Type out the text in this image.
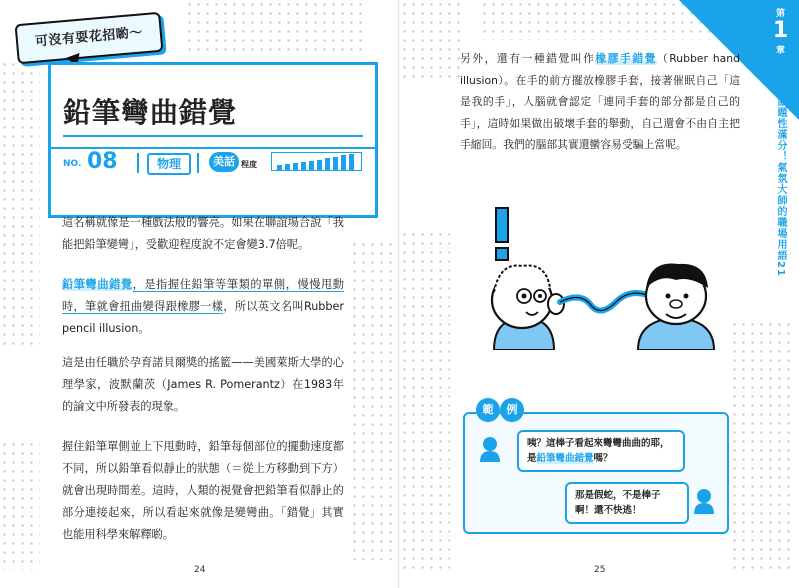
可沒有耍花招喲～
鉛筆彎曲錯覺
NO. 08	物理	美話 程度
這名稱就像是一種戲法般的響亮。如果在聯誼場合說「我能把鉛筆變彎」，受歡迎程度說不定會變3.7倍呢。
鉛筆彎曲錯覺，是指握住鉛筆等筆類的單側，慢慢甩動時，筆就會扭曲變得跟橡膠一樣，所以英文名叫Rubber pencil illusion。
這是由任職於孕育諾貝爾獎的搖籃——美國萊斯大學的心理學家，波默蘭茨（James R. Pomerantz）在1983年的論文中所發表的現象。
握住鉛筆單側並上下甩動時，鉛筆每個部位的擺動速度都不同，所以鉛筆看似靜止的狀態（＝從上方移動到下方）就會出現時間差。這時，人類的視覺會把鉛筆看似靜止的部分連接起來，所以看起來就像是變彎曲。「錯覺」其實也能用科學來解釋喲。
24
第
1
章
話題性滿分！氣氛大師的職場用語21
另外，還有一種錯覺叫作橡膠手錯覺（Rubber hand illusion）。在手的前方擺放橡膠手套，接著催眠自己「這是我的手」，人腦就會認定「連同手套的部分都是自己的手」，這時如果做出破壞手套的舉動，自己還會不由自主把手縮回。我們的腦部其實還蠻容易受騙上當呢。
咦？這棒子看起來彎彎曲曲的耶，
是鉛筆彎曲錯覺嗎？
那是假蛇，不是棒子啊！還不快逃！
範	例
25
